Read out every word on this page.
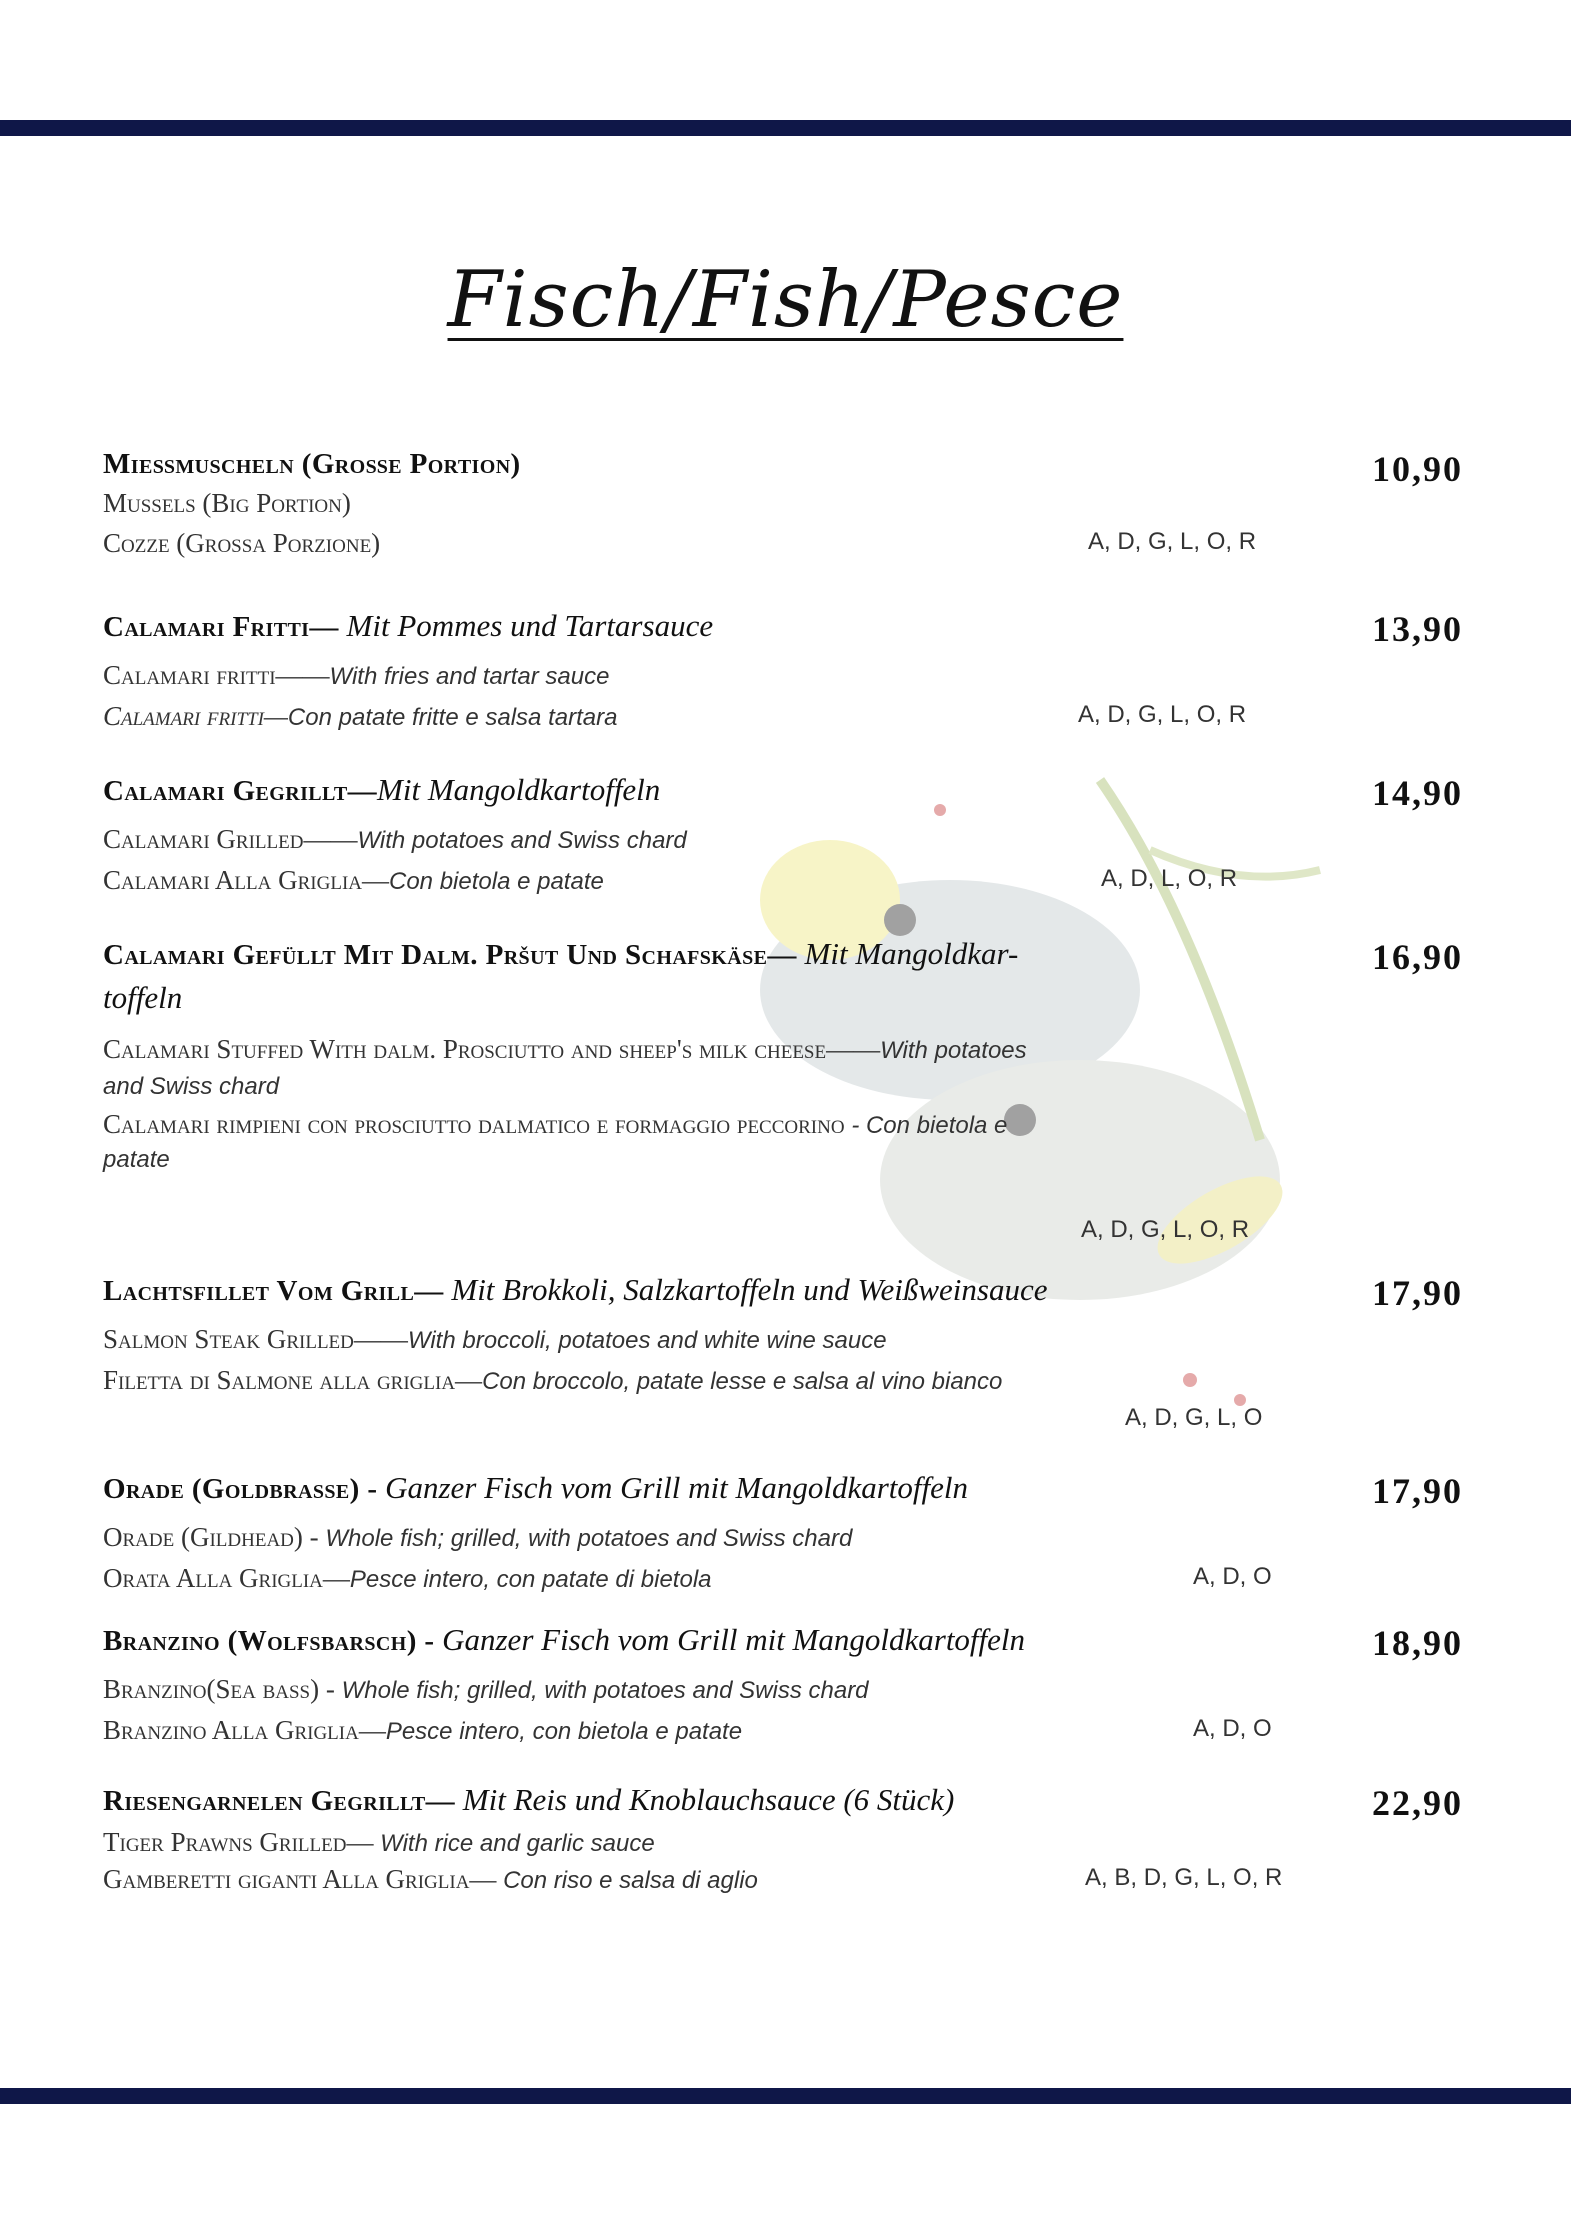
Fisch/Fish/Pesce
Mießmuscheln (Große Portion)
Mussels (Big Portion)
Cozze (Grossa Porzione)	A, D, G, L, O, R
10,90
Calamari Fritti— Mit Pommes und Tartarsauce
Calamari fritti——With fries and tartar sauce
Calamari fritti—Con patate fritte e salsa tartara	A, D, G, L, O, R
13,90
Calamari Gegrillt—Mit Mangoldkartoffeln
Calamari Grilled——With potatoes and Swiss chard
Calamari Alla Griglia—Con bietola e patate	A, D, L, O, R
14,90
Calamari Gefüllt Mit Dalm. Pršut Und Schafskäse— Mit Mangoldkar-
toffeln
Calamari Stuffed With dalm. Prosciutto and sheep's milk cheese——With potatoes
and Swiss chard
Calamari rimpieni con prosciutto dalmatico e formaggio peccorino - Con bietola e
patate
A, D, G, L, O, R
16,90
Lachtsfillet Vom Grill— Mit Brokkoli, Salzkartoffeln und Weißweinsauce
Salmon Steak Grilled——With broccoli, potatoes and white wine sauce
Filetta di Salmone alla griglia—Con broccolo, patate lesse e salsa al vino bianco
A, D, G, L, O
17,90
Orade (Goldbrasse) - Ganzer Fisch vom Grill mit Mangoldkartoffeln
Orade (Gildhead) - Whole fish; grilled, with potatoes and Swiss chard
Orata Alla Griglia—Pesce intero, con patate di bietola	A, D, O
17,90
Branzino (Wolfsbarsch) - Ganzer Fisch vom Grill mit Mangoldkartoffeln
Branzino(Sea bass) - Whole fish; grilled, with potatoes and Swiss chard
Branzino Alla Griglia—Pesce intero, con bietola e patate	A, D, O
18,90
Riesengarnelen Gegrillt— Mit Reis und Knoblauchsauce (6 Stück)
Tiger Prawns Grilled— With rice and garlic sauce
Gamberetti giganti Alla Griglia— Con riso e salsa di aglio	A, B, D, G, L, O, R
22,90
